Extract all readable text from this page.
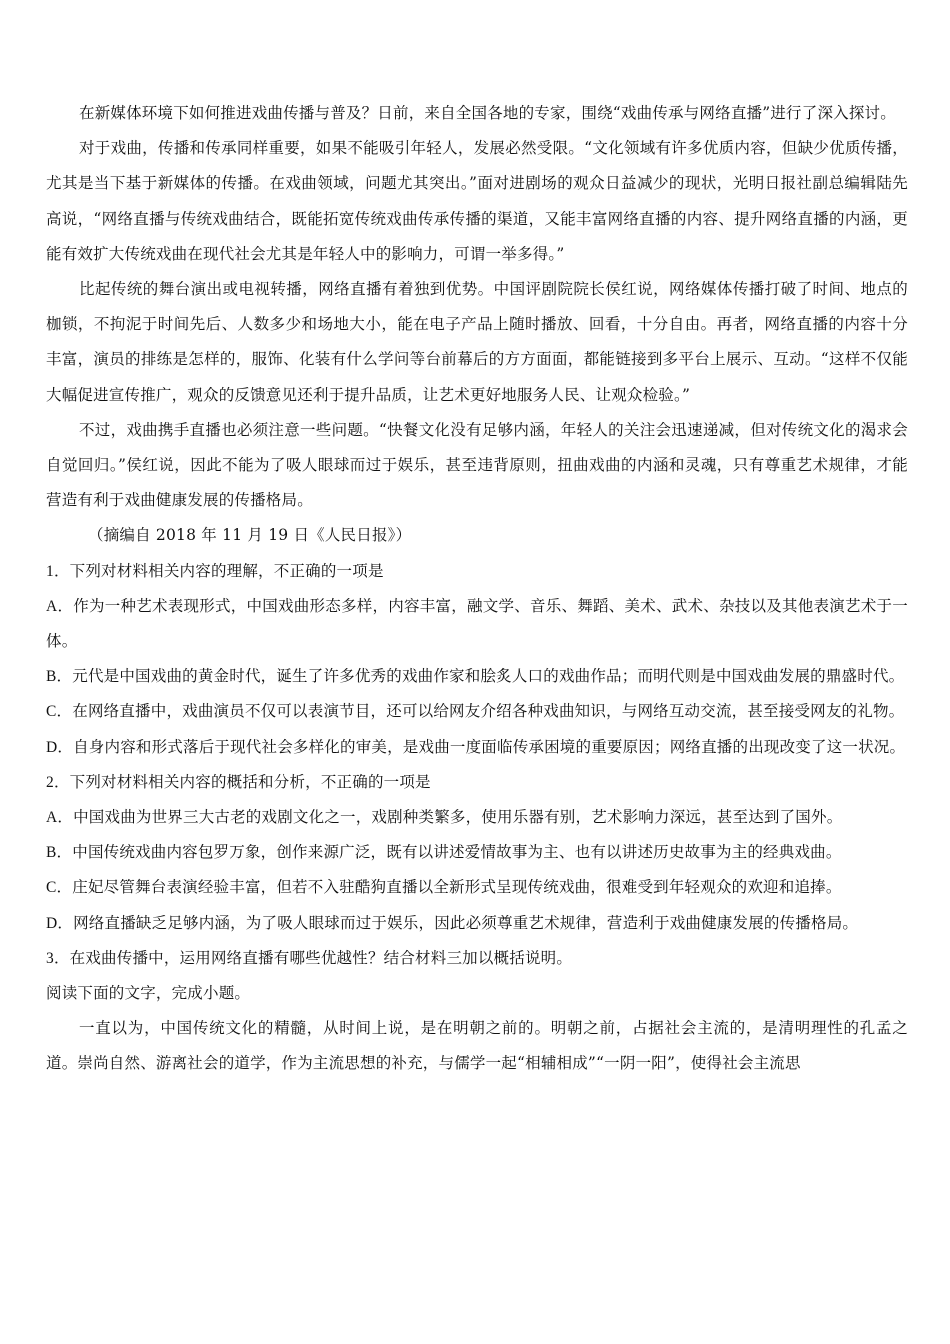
在新媒体环境下如何推进戏曲传播与普及？日前，来自全国各地的专家，围绕“戏曲传承与网络直播”进行了深入探讨。

对于戏曲，传播和传承同样重要，如果不能吸引年轻人，发展必然受限。“文化领域有许多优质内容，但缺少优质传播，尤其是当下基于新媒体的传播。在戏曲领域，问题尤其突出。”面对进剧场的观众日益减少的现状，光明日报社副总编辑陆先高说，“网络直播与传统戏曲结合，既能拓宽传统戏曲传承传播的渠道，又能丰富网络直播的内容、提升网络直播的内涵，更能有效扩大传统戏曲在现代社会尤其是年轻人中的影响力，可谓一举多得。”

比起传统的舞台演出或电视转播，网络直播有着独到优势。中国评剧院院长侯红说，网络媒体传播打破了时间、地点的枷锁，不拘泥于时间先后、人数多少和场地大小，能在电子产品上随时播放、回看，十分自由。再者，网络直播的内容十分丰富，演员的排练是怎样的，服饰、化装有什么学问等台前幕后的方方面面，都能链接到多平台上展示、互动。“这样不仅能大幅促进宣传推广，观众的反馈意见还利于提升品质，让艺术更好地服务人民、让观众检验。”

不过，戏曲携手直播也必须注意一些问题。“快餐文化没有足够内涵，年轻人的关注会迅速递减，但对传统文化的渴求会自觉回归。”侯红说，因此不能为了吸人眼球而过于娱乐，甚至违背原则，扭曲戏曲的内涵和灵魂，只有尊重艺术规律，才能营造有利于戏曲健康发展的传播格局。

（摘编自 2018 年 11 月 19 日《人民日报》）

1．下列对材料相关内容的理解，不正确的一项是

A．作为一种艺术表现形式，中国戏曲形态多样，内容丰富，融文学、音乐、舞蹈、美术、武术、杂技以及其他表演艺术于一体。

B．元代是中国戏曲的黄金时代，诞生了许多优秀的戏曲作家和脍炙人口的戏曲作品；而明代则是中国戏曲发展的鼎盛时代。

C．在网络直播中，戏曲演员不仅可以表演节目，还可以给网友介绍各种戏曲知识，与网络互动交流，甚至接受网友的礼物。

D．自身内容和形式落后于现代社会多样化的审美，是戏曲一度面临传承困境的重要原因；网络直播的出现改变了这一状况。

2．下列对材料相关内容的概括和分析，不正确的一项是

A．中国戏曲为世界三大古老的戏剧文化之一，戏剧种类繁多，使用乐器有别，艺术影响力深远，甚至达到了国外。

B．中国传统戏曲内容包罗万象，创作来源广泛，既有以讲述爱情故事为主、也有以讲述历史故事为主的经典戏曲。

C．庄妃尽管舞台表演经验丰富，但若不入驻酷狗直播以全新形式呈现传统戏曲，很难受到年轻观众的欢迎和追捧。

D．网络直播缺乏足够内涵，为了吸人眼球而过于娱乐，因此必须尊重艺术规律，营造利于戏曲健康发展的传播格局。

3．在戏曲传播中，运用网络直播有哪些优越性？结合材料三加以概括说明。

阅读下面的文字，完成小题。

一直以为，中国传统文化的精髓，从时间上说，是在明朝之前的。明朝之前，占据社会主流的，是清明理性的孔孟之道。崇尚自然、游离社会的道学，作为主流思想的补充，与儒学一起“相辅相成”“一阴一阳”，使得社会主流思
